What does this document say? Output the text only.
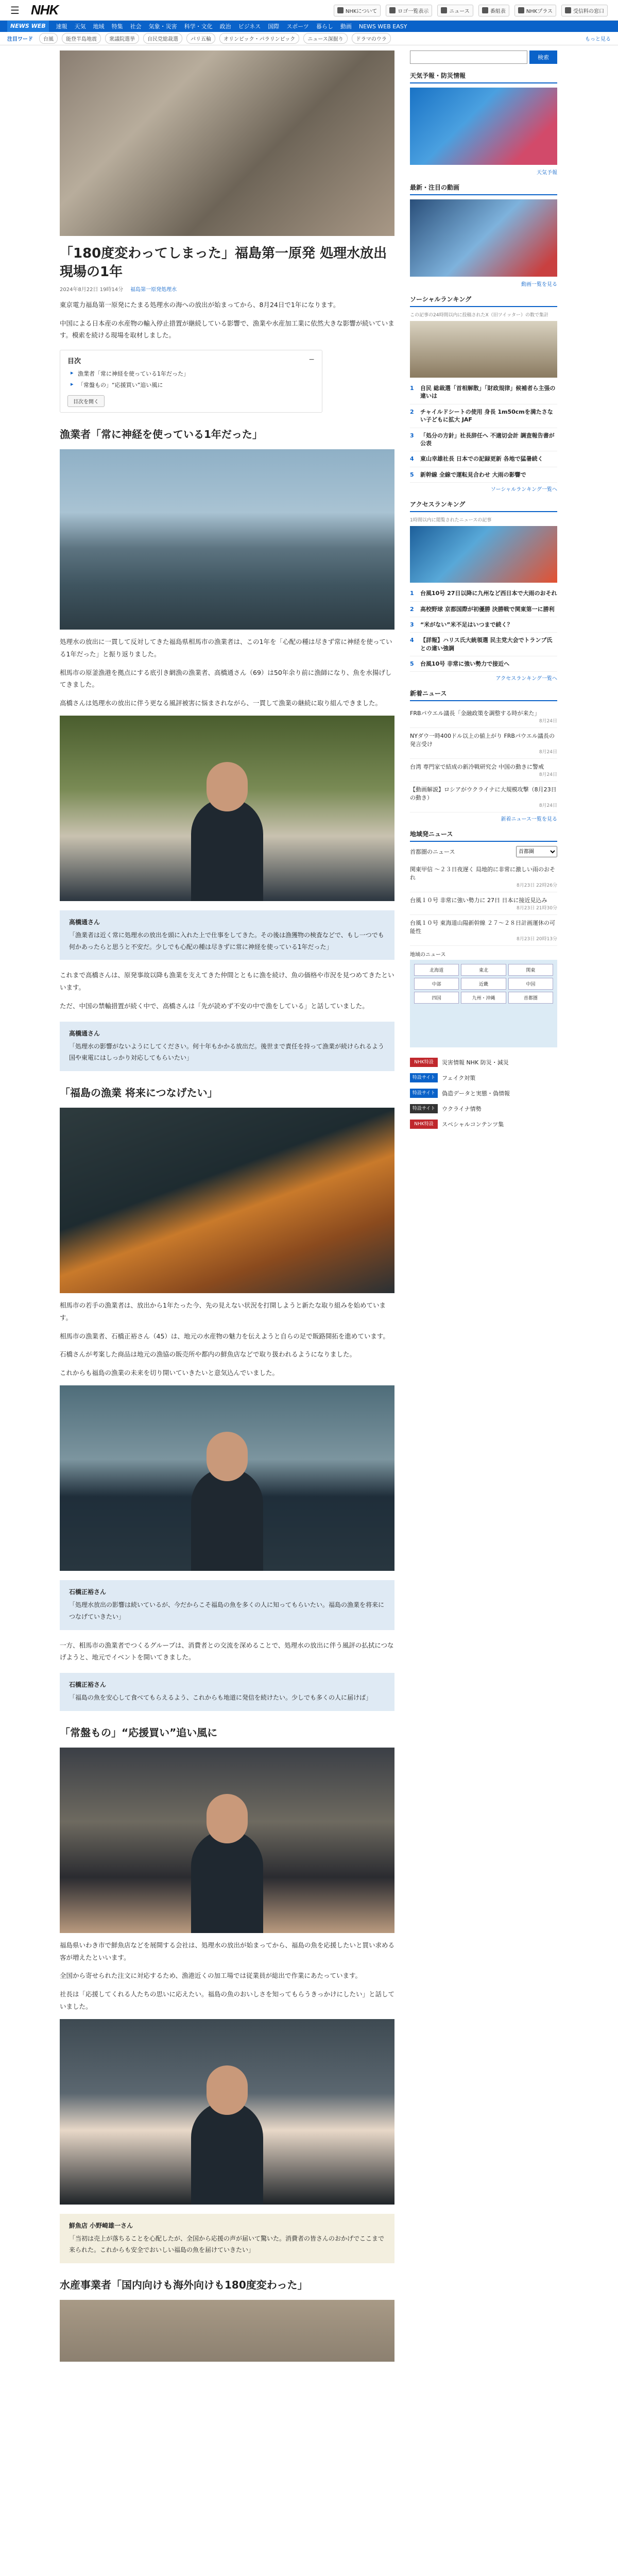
☰ NHK	NHKについて	ロゴ一覧表示	ニュース	番組表	NHKプラス	受信料の窓口
NEWS WEB	速報 天気 地域 特集 社会 気象・災害 科学・文化 政治 ビジネス 国際 スポーツ 暮らし 動画 NEWS WEB EASY
注目ワード	台風	能登半島地震	衆議院選挙	自民党総裁選	パリ五輪	オリンピック・パラリンピック	ニュース深掘り	ドラマのウラ	もっと見る
「180度変わってしまった」福島第一原発 処理水放出 現場の1年
2024年8月22日 19時14分 福島第一原発処理水

東京電力福島第一原発にたまる処理水の海への放出が始まってから、8月24日で1年になります。

中国による日本産の水産物の輸入停止措置が継続している影響で、漁業や水産加工業に依然大きな影響が続いています。模索を続ける現場を取材しました。

目次	−
▸ 漁業者「常に神経を使っている1年だった」
▸ 「常盤もの」“応援買い”追い風に
目次を開く
漁業者「常に神経を使っている1年だった」

処理水の放出に一貫して反対してきた福島県相馬市の漁業者は、この1年を「心配の種は尽きず常に神経を使っている1年だった」と振り返りました。

相馬市の原釜漁港を拠点にする底引き網漁の漁業者、高橋通さん（69）は50年余り前に漁師になり、魚を水揚げしてきました。

高橋さんは処理水の放出に伴う更なる風評被害に悩まされながら、一貫して漁業の継続に取り組んできました。

高橋通さん
「漁業者は近く常に処理水の放出を頭に入れた上で仕事をしてきた。その後は漁獲物の検査などで、もし一つでも何かあったらと思うと不安だ。少しでも心配の種は尽きずに常に神経を使っている1年だった」

これまで高橋さんは、原発事故以降も漁業を支えてきた仲間とともに漁を続け、魚の価格や市況を見つめてきたといいます。

ただ、中国の禁輸措置が続く中で、高橋さんは「先が読めず不安の中で漁をしている」と話していました。

高橋通さん
「処理水の影響がないようにしてください。何十年もかかる放出だ。後世まで責任を持って漁業が続けられるよう国や東電にはしっかり対応してもらいたい」
「福島の漁業 将来につなげたい」

相馬市の若手の漁業者は、放出から1年たった今、先の見えない状況を打開しようと新たな取り組みを始めています。

相馬市の漁業者、石橋正裕さん（45）は、地元の水産物の魅力を伝えようと自らの足で販路開拓を進めています。

石橋さんが考案した商品は地元の漁協の販売所や都内の鮮魚店などで取り扱われるようになりました。

これからも福島の漁業の未来を切り開いていきたいと意気込んでいました。

石橋正裕さん
「処理水放出の影響は続いているが、今だからこそ福島の魚を多くの人に知ってもらいたい。福島の漁業を将来につなげていきたい」

一方、相馬市の漁業者でつくるグループは、消費者との交流を深めることで、処理水の放出に伴う風評の払拭につなげようと、地元でイベントを開いてきました。

石橋正裕さん
「福島の魚を安心して食べてもらえるよう、これからも地道に発信を続けたい。少しでも多くの人に届けば」
「常盤もの」“応援買い”追い風に

福島県いわき市で鮮魚店などを展開する会社は、処理水の放出が始まってから、福島の魚を応援したいと買い求める客が増えたといいます。

全国から寄せられた注文に対応するため、漁港近くの加工場では従業員が総出で作業にあたっています。

社長は「応援してくれる人たちの思いに応えたい。福島の魚のおいしさを知ってもらうきっかけにしたい」と話していました。

鮮魚店 小野崎雄一さん
「当初は売上が落ちることを心配したが、全国から応援の声が届いて驚いた。消費者の皆さんのおかげでここまで来られた。これからも安全でおいしい福島の魚を届けていきたい」
水産事業者「国内向けも海外向けも180度変わった」
検索
天気予報・防災情報
天気予報
最新・注目の動画
動画一覧を見る
ソーシャルランキング
この記事の24時間以内に投稿されたX（旧ツイッター）の数で集計
1	自民 総裁選「首相解散」「財政規律」候補者ら主張の違いは
2	チャイルドシートの使用 身長 1m50cmを満たさない子どもに拡大 JAF
3	「処分の方針」社長辞任へ 不適切会計 調査報告書が公表
4	東山幸雄社長 日本での記録更新 各地で猛暑続く
5	新幹線 全線で運転見合わせ 大雨の影響で
ソーシャルランキング一覧へ
アクセスランキング
1時間以内に閲覧されたニュースの記事
1	台風10号 27日以降に九州など西日本で大雨のおそれ
2	高校野球 京都国際が初優勝 決勝戦で関東第一に勝利
3	“米がない”米不足はいつまで続く？
4	【詳報】ハリス氏大統領選 民主党大会でトランプ氏との違い強調
5	台風10号 非常に強い勢力で接近へ
アクセスランキング一覧へ
新着ニュース
FRBパウエル議長「金融政策を調整する時が来た」
8月24日
NYダウ一時400ドル以上の値上がり FRBパウエル議長の発言受け
8月24日
台湾 専門家で結成の新冷戦研究会 中国の動きに警戒
8月24日
【動画解説】ロシアがウクライナに大規模攻撃（8月23日の動き）
8月24日
新着ニュース一覧を見る
地域発ニュース
首都圏のニュース
首都圏
関東甲信 〜２３日夜遅く 局地的に非常に激しい雨のおそれ
8月23日 22時26分
台風１０号 非常に強い勢力に 27日 日本に接近見込み
8月23日 21時30分
台風１０号 東海道山陽新幹線 ２７〜２８日計画運休の可能性
8月23日 20時13分
地域のニュース
北海道	東北	関東
中部	近畿	中国
四国	九州・沖縄	首都圏
NHK特設	災害情報 NHK 防災・減災
特設サイト	フェイク対策
特設サイト	偽造データと実態・偽情報
特設サイト	ウクライナ情勢
NHK特設	スペシャルコンテンツ集
